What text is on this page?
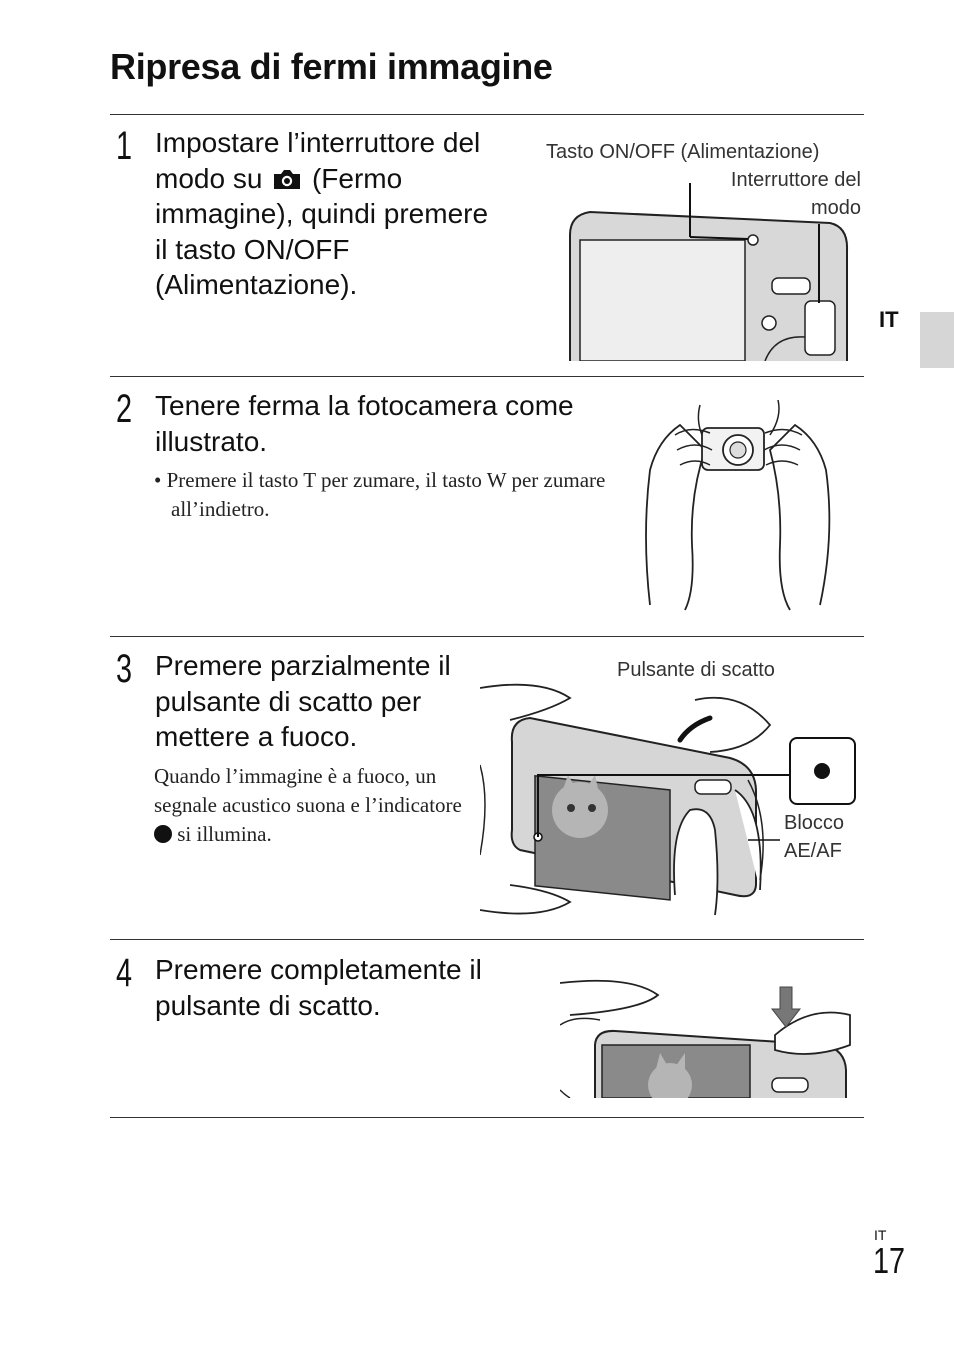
Ripresa di fermi immagine
IT
1 Impostare l’interruttore del modo su (Fermo immagine), quindi premere il tasto ON/OFF (Alimentazione).

Tasto ON/OFF (Alimentazione)
Interruttore del
modo
2 Tenere ferma la fotocamera come illustrato.

• Premere il tasto T per zumare, il tasto W per zumare all’indietro.

3 Premere parzialmente il pulsante di scatto per mettere a fuoco.

Quando l’immagine è a fuoco, un segnale acustico suona e l’indicatore  si illumina.

Pulsante di scatto
Blocco
AE/AF
4 Premere completamente il pulsante di scatto.

IT
17
